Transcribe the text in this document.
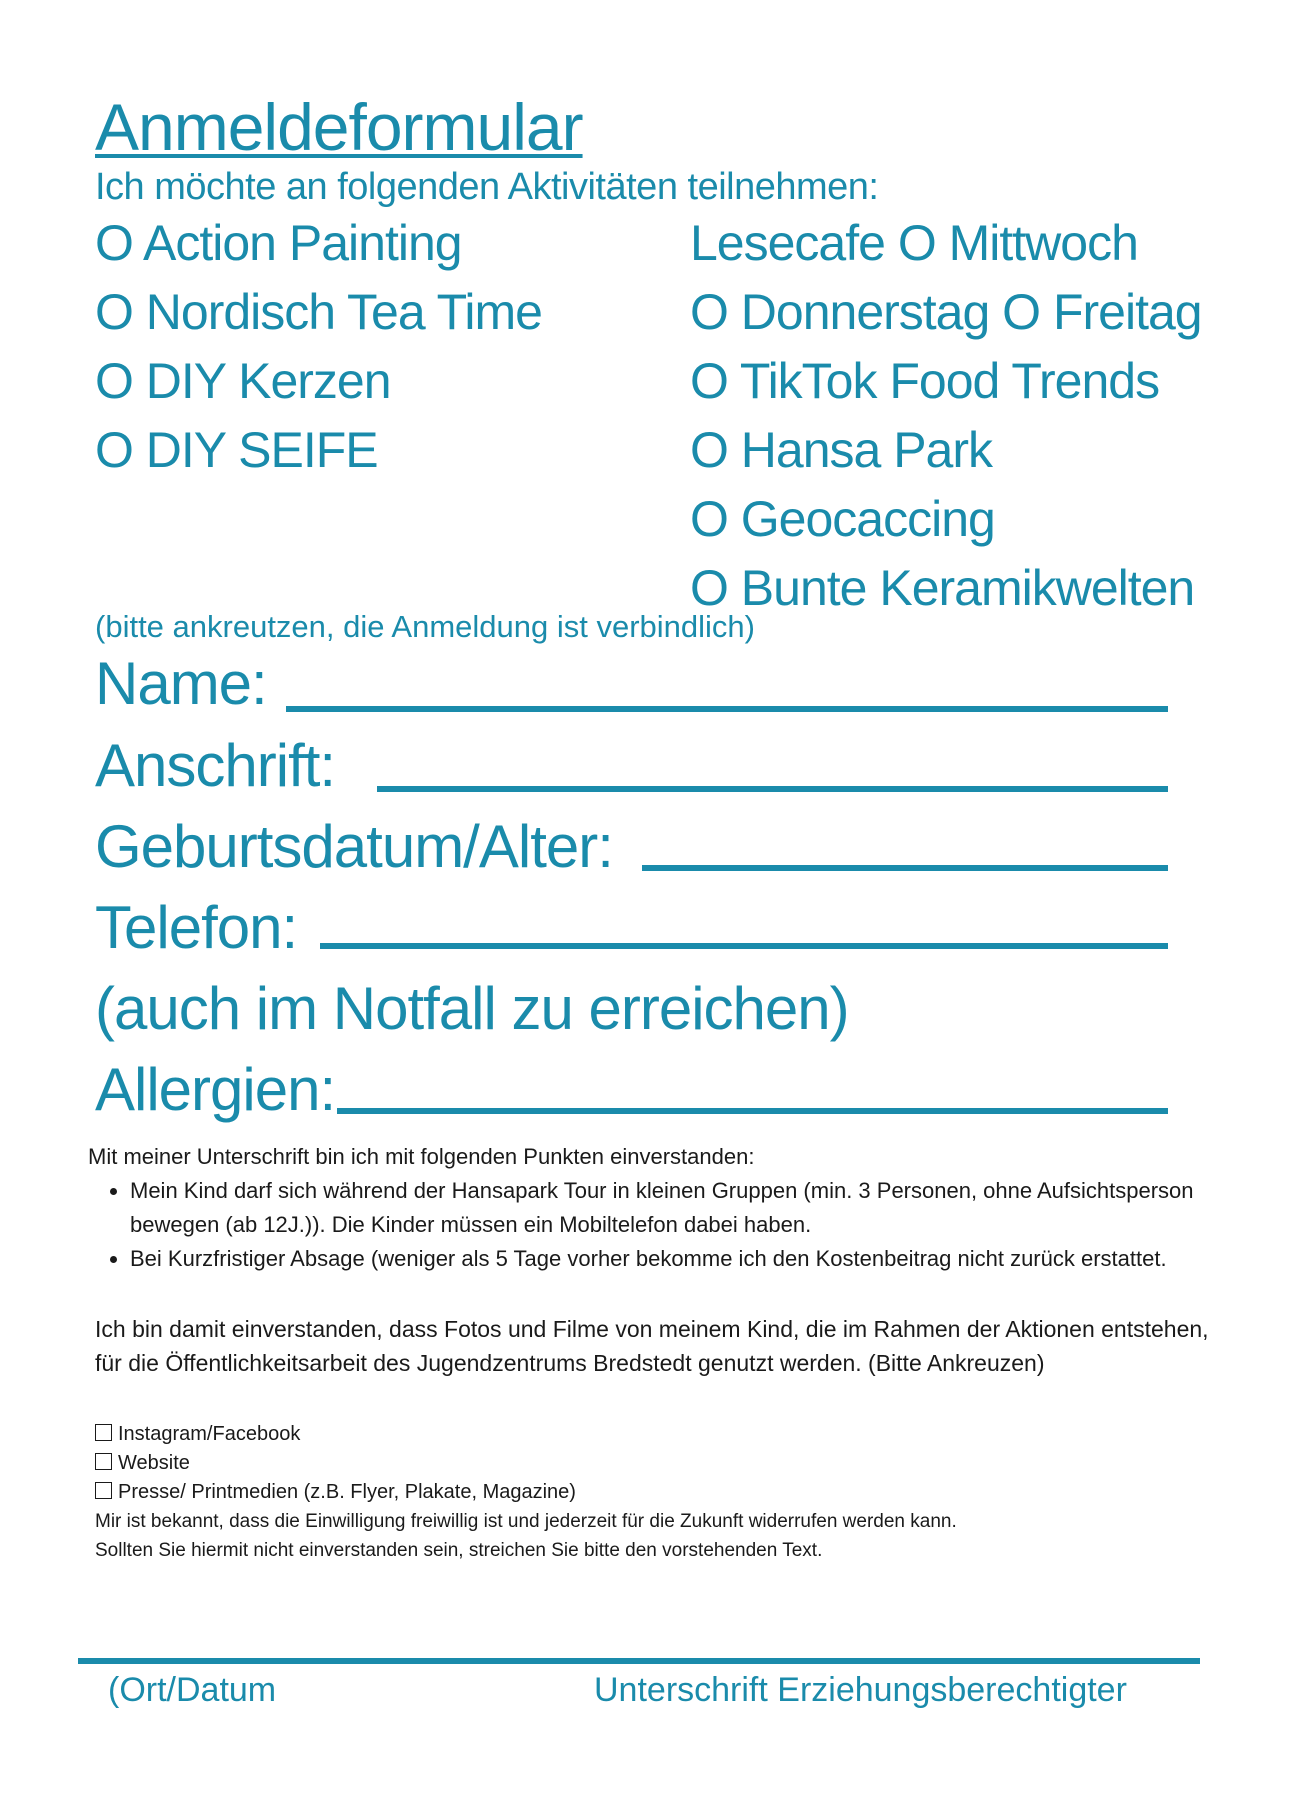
Anmeldeformular
Ich möchte an folgenden Aktivitäten teilnehmen:
O Action Painting
O Nordisch Tea Time
O DIY Kerzen
O DIY SEIFE
Lesecafe O Mittwoch
O Donnerstag O Freitag
O TikTok Food Trends
O Hansa Park
O Geocaccing
O Bunte Keramikwelten
(bitte ankreutzen, die Anmeldung ist verbindlich)
Name:
Anschrift:
Geburtsdatum/Alter:
Telefon:
(auch im Notfall zu erreichen)
Allergien:
Mit meiner Unterschrift bin ich mit folgenden Punkten einverstanden:
• Mein Kind darf sich während der Hansapark Tour in kleinen Gruppen (min. 3 Personen, ohne Aufsichtsperson bewegen (ab 12J.)). Die Kinder müssen ein Mobiltelefon dabei haben.
• Bei Kurzfristiger Absage (weniger als 5 Tage vorher bekomme ich den Kostenbeitrag nicht zurück erstattet.
Ich bin damit einverstanden, dass Fotos und Filme von meinem Kind, die im Rahmen der Aktionen entstehen, für die Öffentlichkeitsarbeit des Jugendzentrums Bredstedt genutzt werden. (Bitte Ankreuzen)
Instagram/Facebook
Website
Presse/ Printmedien (z.B. Flyer, Plakate, Magazine)
Mir ist bekannt, dass die Einwilligung freiwillig ist und jederzeit für die Zukunft widerrufen werden kann.
Sollten Sie hiermit nicht einverstanden sein, streichen Sie bitte den vorstehenden Text.
(Ort/Datum	Unterschrift Erziehungsberechtigter
